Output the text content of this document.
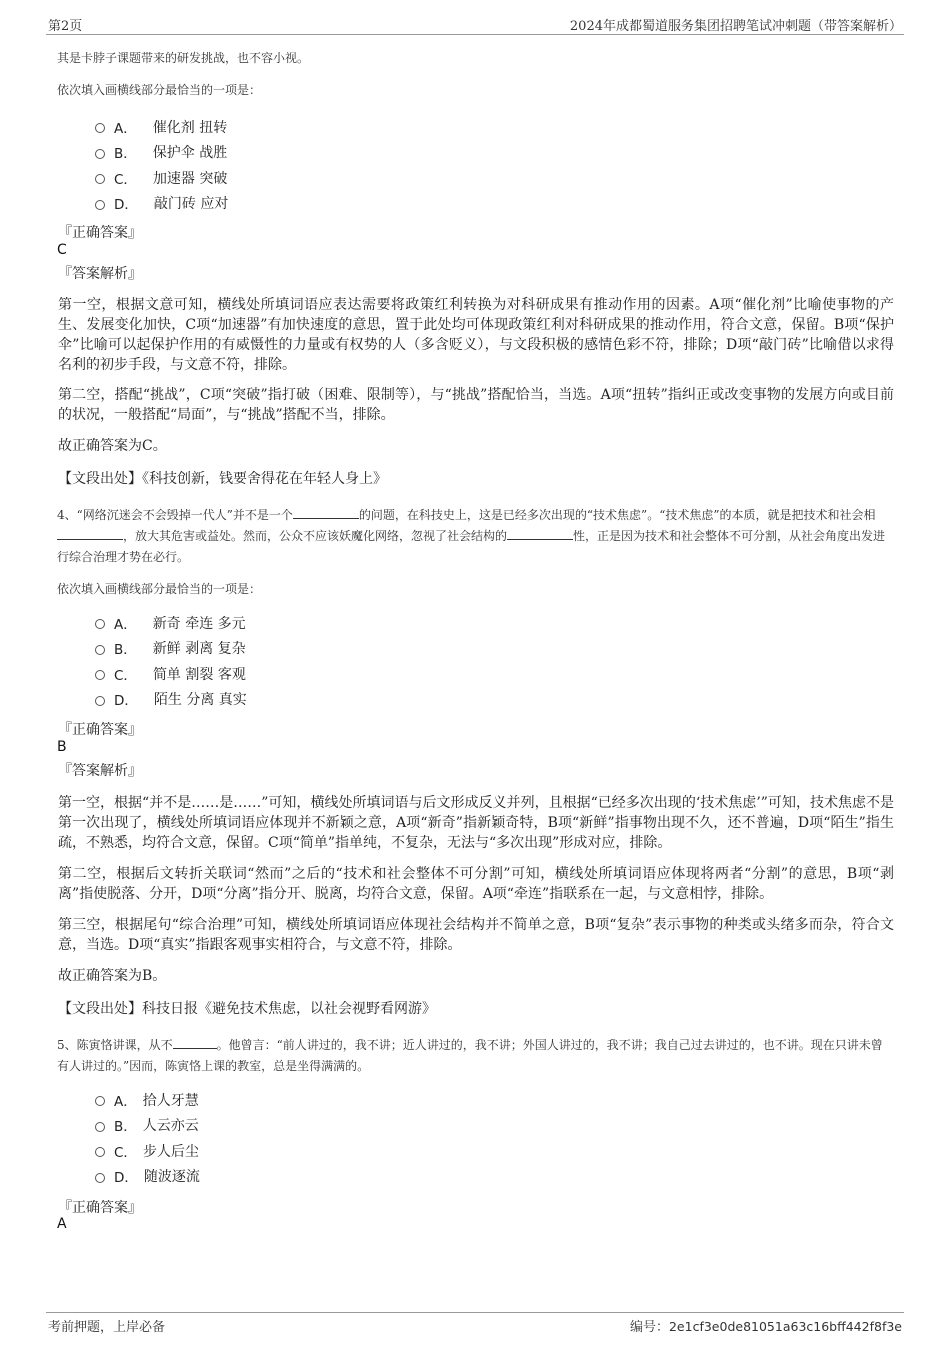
第2页	2024年成都蜀道服务集团招聘笔试冲刺题（带答案解析）
其是卡脖子课题带来的研发挑战，也不容小视。
依次填入画横线部分最恰当的一项是：
A． 催化剂 扭转
B． 保护伞 战胜
C． 加速器 突破
D． 敲门砖 应对
『正确答案』
C
『答案解析』
第一空，根据文意可知，横线处所填词语应表达需要将政策红利转换为对科研成果有推动作用的因素。A项“催化剂”比喻使事物的产生、发展变化加快，C项“加速器”有加快速度的意思，置于此处均可体现政策红利对科研成果的推动作用，符合文意，保留。B项“保护伞”比喻可以起保护作用的有威慑性的力量或有权势的人（多含贬义），与文段积极的感情色彩不符，排除；D项“敲门砖”比喻借以求得名利的初步手段，与文意不符，排除。
第二空，搭配“挑战”，C项“突破”指打破（困难、限制等），与“挑战”搭配恰当，当选。A项“扭转”指纠正或改变事物的发展方向或目前的状况，一般搭配“局面”，与“挑战”搭配不当，排除。
故正确答案为C。
【文段出处】《科技创新，钱要舍得花在年轻人身上》
4、“网络沉迷会不会毁掉一代人”并不是一个	的问题，在科技史上，这是已经多次出现的“技术焦虑”。“技术焦虑”的本质，就是把技术和社会相，放大其危害或益处。然而，公众不应该妖魔化网络，忽视了社会结构的	性，正是因为技术和社会整体不可分割，从社会角度出发进行综合治理才势在必行。
依次填入画横线部分最恰当的一项是：
A． 新奇 牵连 多元
B． 新鲜 剥离 复杂
C． 简单 割裂 客观
D． 陌生 分离 真实
『正确答案』
B
『答案解析』
第一空，根据“并不是……是……”可知，横线处所填词语与后文形成反义并列，且根据“已经多次出现的‘技术焦虑’”可知，技术焦虑不是第一次出现了，横线处所填词语应体现并不新颖之意，A项“新奇”指新颖奇特，B项“新鲜”指事物出现不久，还不普遍，D项“陌生”指生疏，不熟悉，均符合文意，保留。C项“简单”指单纯，不复杂，无法与“多次出现”形成对应，排除。
第二空，根据后文转折关联词“然而”之后的“技术和社会整体不可分割”可知，横线处所填词语应体现将两者“分割”的意思，B项“剥离”指使脱落、分开，D项“分离”指分开、脱离，均符合文意，保留。A项“牵连”指联系在一起，与文意相悖，排除。
第三空，根据尾句“综合治理”可知，横线处所填词语应体现社会结构并不简单之意，B项“复杂”表示事物的种类或头绪多而杂，符合文意，当选。D项“真实”指跟客观事实相符合，与文意不符，排除。
故正确答案为B。
【文段出处】科技日报《避免技术焦虑，以社会视野看网游》
5、陈寅恪讲课，从不	。他曾言：“前人讲过的，我不讲；近人讲过的，我不讲；外国人讲过的，我不讲；我自己过去讲过的，也不讲。现在只讲未曾有人讲过的。”因而，陈寅恪上课的教室，总是坐得满满的。
A． 拾人牙慧
B． 人云亦云
C． 步人后尘
D． 随波逐流
『正确答案』
A
考前押题，上岸必备	编号：2e1cf3e0de81051a63c16bff442f8f3e
